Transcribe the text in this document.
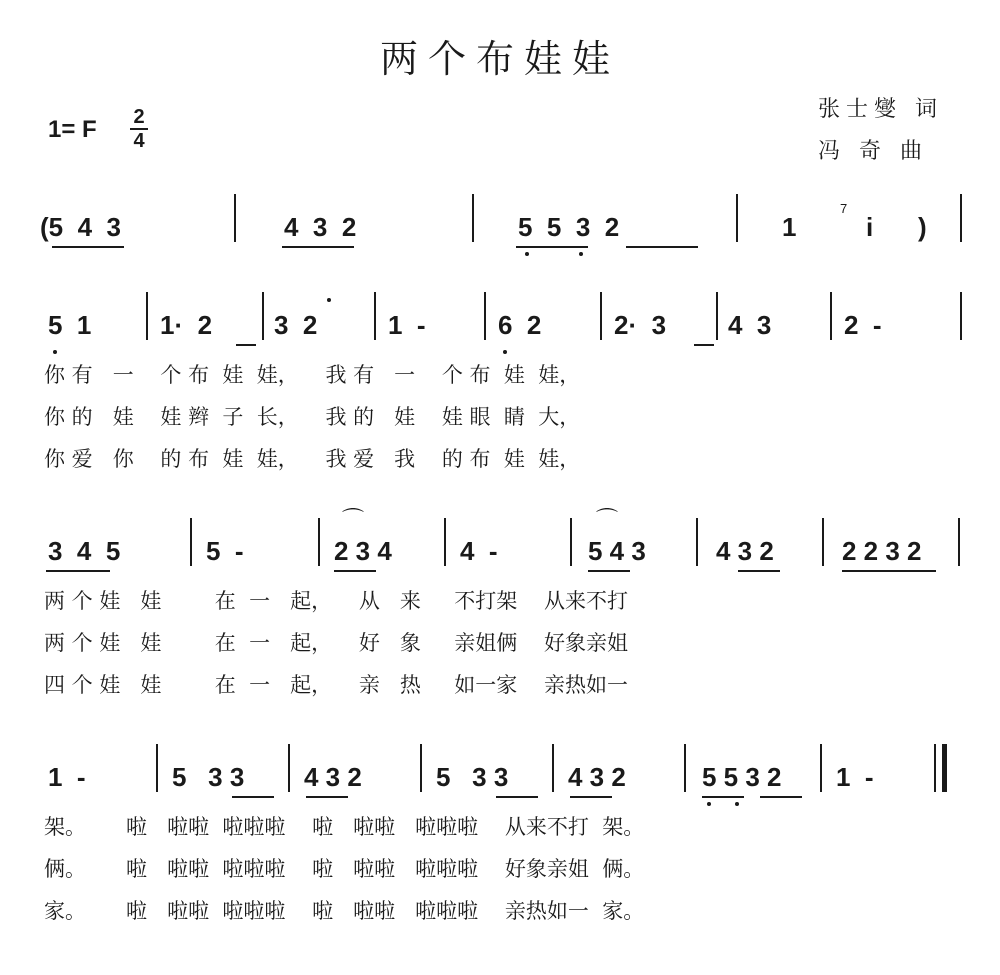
两个布娃娃
1= F 2
4
张士燮 词
冯 奇 曲
(5  4  3	4  3  2	5  5  3  2	1
7
i )
5  1	1·  2 3  2	1  -	6  2	2·  3 4  3	2  -
你 有   一    个 布  娃  娃，    我 有   一    个 布  娃  娃，
你 的   娃    娃 辫  子  长，    我 的   娃    娃 眼  睛  大，
你 爱   你    的 布  娃  娃，    我 爱   我    的 布  娃  娃，
3  4  5	5  -
⌒
2 3 4	4  -
⌒
5 4 3	4 3 2	2 2 3 2
两 个 娃   娃        在  一   起，    从   来     不打架    从来不打
两 个 娃   娃        在  一   起，    好   象     亲姐俩    好象亲姐
四 个 娃   娃        在  一   起，    亲   热     如一家    亲热如一
1  -	5   3 3 4 3 2	5   3 3 4 3 2	5 5 3 2 1  -
架。      啦   啦啦  啦啦啦    啦   啦啦   啦啦啦    从来不打  架。
俩。      啦   啦啦  啦啦啦    啦   啦啦   啦啦啦    好象亲姐  俩。
家。      啦   啦啦  啦啦啦    啦   啦啦   啦啦啦    亲热如一  家。
